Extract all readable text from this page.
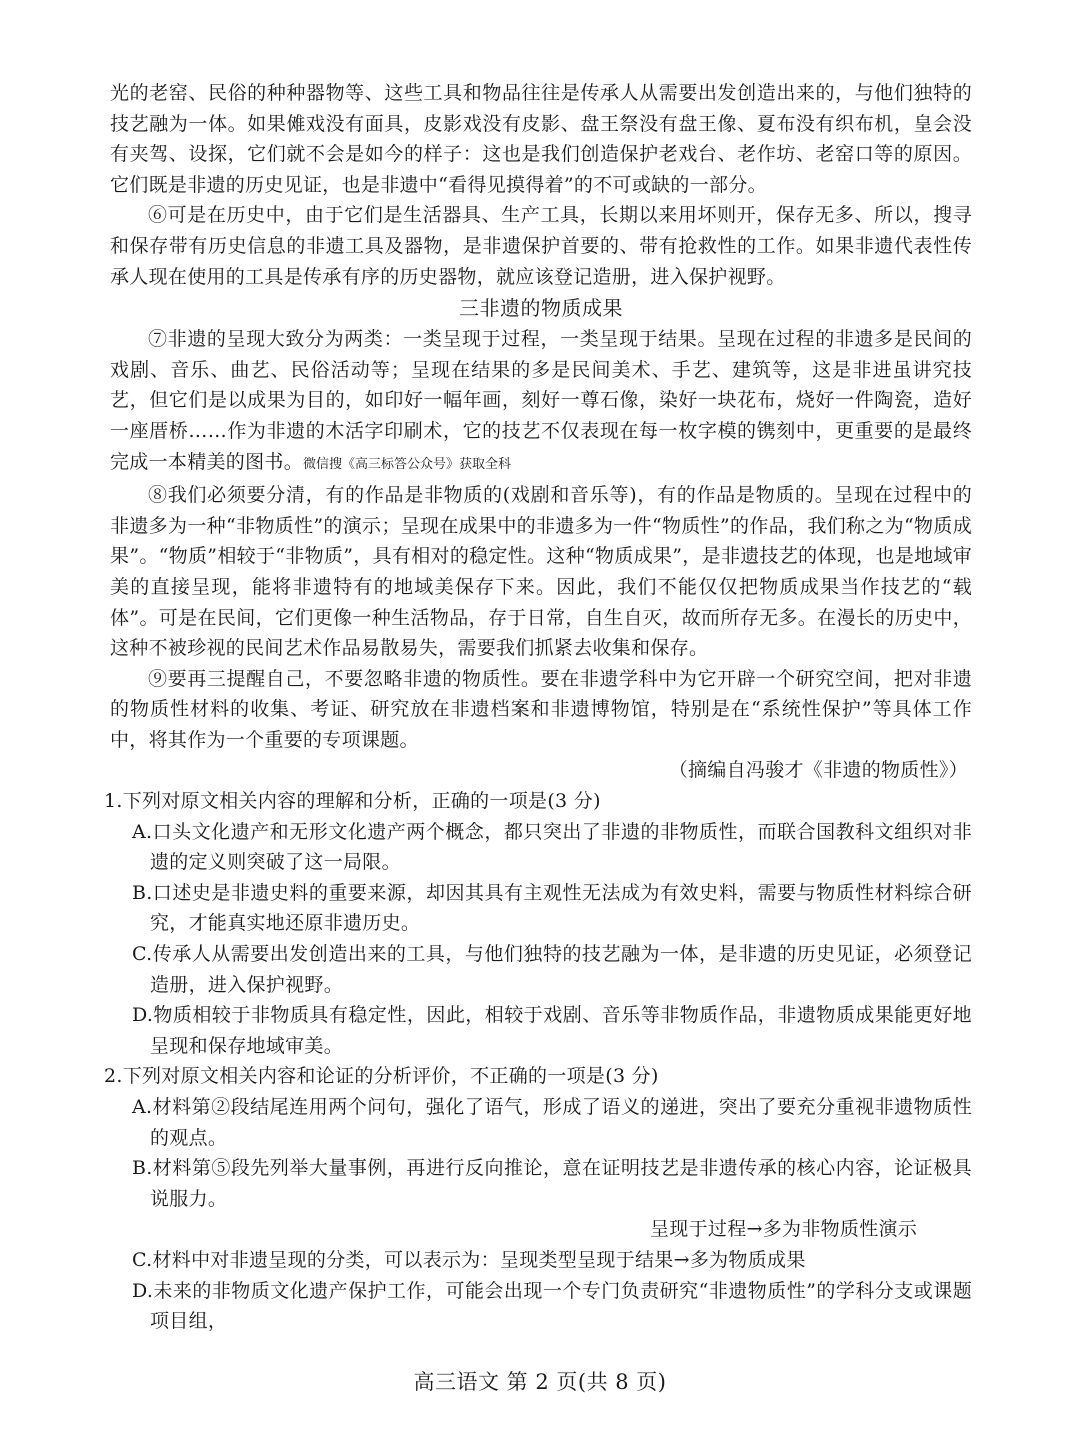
光的老窑、民俗的种种器物等、这些工具和物品往往是传承人从需要出发创造出来的，与他们独特的技艺融为一体。如果傩戏没有面具，皮影戏没有皮影、盘王祭没有盘王像、夏布没有织布机，皇会没有夹驾、设探，它们就不会是如今的样子：这也是我们创造保护老戏台、老作坊、老窑口等的原因。它们既是非遗的历史见证，也是非遗中“看得见摸得着”的不可或缺的一部分。

⑥可是在历史中，由于它们是生活器具、生产工具，长期以来用坏则开，保存无多、所以，搜寻和保存带有历史信息的非遗工具及器物，是非遗保护首要的、带有抢救性的工作。如果非遗代表性传承人现在使用的工具是传承有序的历史器物，就应该登记造册，进入保护视野。

三非遗的物质成果

⑦非遗的呈现大致分为两类：一类呈现于过程，一类呈现于结果。呈现在过程的非遗多是民间的戏剧、音乐、曲艺、民俗活动等；呈现在结果的多是民间美术、手艺、建筑等，这是非进虽讲究技艺，但它们是以成果为目的，如印好一幅年画，刻好一尊石像，染好一块花布，烧好一件陶瓷，造好一座厝桥……作为非遗的木活字印刷术，它的技艺不仅表现在每一枚字模的镌刻中，更重要的是最终完成一本精美的图书。微信搜《高三标答公众号》获取全科

⑧我们必须要分清，有的作品是非物质的(戏剧和音乐等)，有的作品是物质的。呈现在过程中的非遗多为一种“非物质性”的演示；呈现在成果中的非遗多为一件“物质性”的作品，我们称之为“物质成果”。“物质”相较于“非物质”，具有相对的稳定性。这种“物质成果”，是非遗技艺的体现，也是地域审美的直接呈现，能将非遗特有的地域美保存下来。因此，我们不能仅仅把物质成果当作技艺的“载体”。可是在民间，它们更像一种生活物品，存于日常，自生自灭，故而所存无多。在漫长的历史中，这种不被珍视的民间艺术作品易散易失，需要我们抓紧去收集和保存。

⑨要再三提醒自己，不要忽略非遗的物质性。要在非遗学科中为它开辟一个研究空间，把对非遗的物质性材料的收集、考证、研究放在非遗档案和非遗博物馆，特别是在“系统性保护”等具体工作中，将其作为一个重要的专项课题。

（摘编自冯骏才《非遗的物质性》）

1.下列对原文相关内容的理解和分析，正确的一项是(3 分)

A.口头文化遗产和无形文化遗产两个概念，都只突出了非遗的非物质性，而联合国教科文组织对非遗的定义则突破了这一局限。

B.口述史是非遗史料的重要来源，却因其具有主观性无法成为有效史料，需要与物质性材料综合研究，才能真实地还原非遗历史。

C.传承人从需要出发创造出来的工具，与他们独特的技艺融为一体，是非遗的历史见证，必须登记造册，进入保护视野。

D.物质相较于非物质具有稳定性，因此，相较于戏剧、音乐等非物质作品，非遗物质成果能更好地呈现和保存地域审美。

2.下列对原文相关内容和论证的分析评价，不正确的一项是(3 分)

A.材料第②段结尾连用两个问句，强化了语气，形成了语义的递进，突出了要充分重视非遗物质性的观点。

B.材料第⑤段先列举大量事例，再进行反向推论，意在证明技艺是非遗传承的核心内容，论证极具说服力。

呈现于过程→多为非物质性演示

C.材料中对非遗呈现的分类，可以表示为：呈现类型呈现于结果→多为物质成果

D.未来的非物质文化遗产保护工作，可能会出现一个专门负责研究“非遗物质性”的学科分支或课题项目组，

高三语文 第 2 页(共 8 页)
